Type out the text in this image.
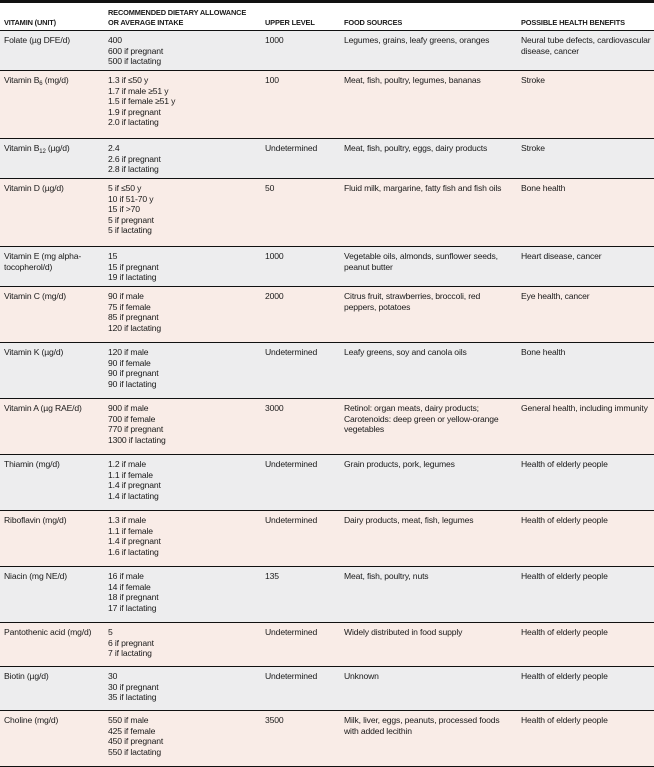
VITAMIN (UNIT)	RECOMMENDED DIETARY ALLOWANCE OR AVERAGE INTAKE	UPPER LEVEL	FOOD SOURCES	POSSIBLE HEALTH BENEFITS
Folate (µg DFE/d)	400
600 if pregnant
500 if lactating	1000	Legumes, grains, leafy greens, oranges	Neural tube defects, cardiovascular disease, cancer
Vitamin $B_6$ (mg/d)	1.3 if ≤50 y
1.7 if male ≥51 y
1.5 if female ≥51 y
1.9 if pregnant
2.0 if lactating	100	Meat, fish, poultry, legumes, bananas	Stroke
Vitamin $B_{12}$ (µg/d)	2.4
2.6 if pregnant
2.8 if lactating	Undetermined	Meat, fish, poultry, eggs, dairy products	Stroke
Vitamin D (µg/d)	5 if ≤50 y
10 if 51-70 y
15 if >70
5 if pregnant
5 if lactating	50	Fluid milk, margarine, fatty fish and fish oils	Bone health
Vitamin E (mg alpha-tocopherol/d)	15
15 if pregnant
19 if lactating	1000	Vegetable oils, almonds, sunflower seeds, peanut butter	Heart disease, cancer
Vitamin C (mg/d)	90 if male
75 if female
85 if pregnant
120 if lactating	2000	Citrus fruit, strawberries, broccoli, red peppers, potatoes	Eye health, cancer
Vitamin K (µg/d)	120 if male
90 if female
90 if pregnant
90 if lactating	Undetermined	Leafy greens, soy and canola oils	Bone health
Vitamin A (µg RAE/d)	900 if male
700 if female
770 if pregnant
1300 if lactating	3000	Retinol: organ meats, dairy products; Carotenoids: deep green or yellow-orange vegetables	General health, including immunity
Thiamin (mg/d)	1.2 if male
1.1 if female
1.4 if pregnant
1.4 if lactating	Undetermined	Grain products, pork, legumes	Health of elderly people
Riboflavin (mg/d)	1.3 if male
1.1 if female
1.4 if pregnant
1.6 if lactating	Undetermined	Dairy products, meat, fish, legumes	Health of elderly people
Niacin (mg NE/d)	16 if male
14 if female
18 if pregnant
17 if lactating	135	Meat, fish, poultry, nuts	Health of elderly people
Pantothenic acid (mg/d)	5
6 if pregnant
7 if lactating	Undetermined	Widely distributed in food supply	Health of elderly people
Biotin (µg/d)	30
30 if pregnant
35 if lactating	Undetermined	Unknown	Health of elderly people
Choline (mg/d)	550 if male
425 if female
450 if pregnant
550 if lactating	3500	Milk, liver, eggs, peanuts, processed foods with added lecithin	Health of elderly people
